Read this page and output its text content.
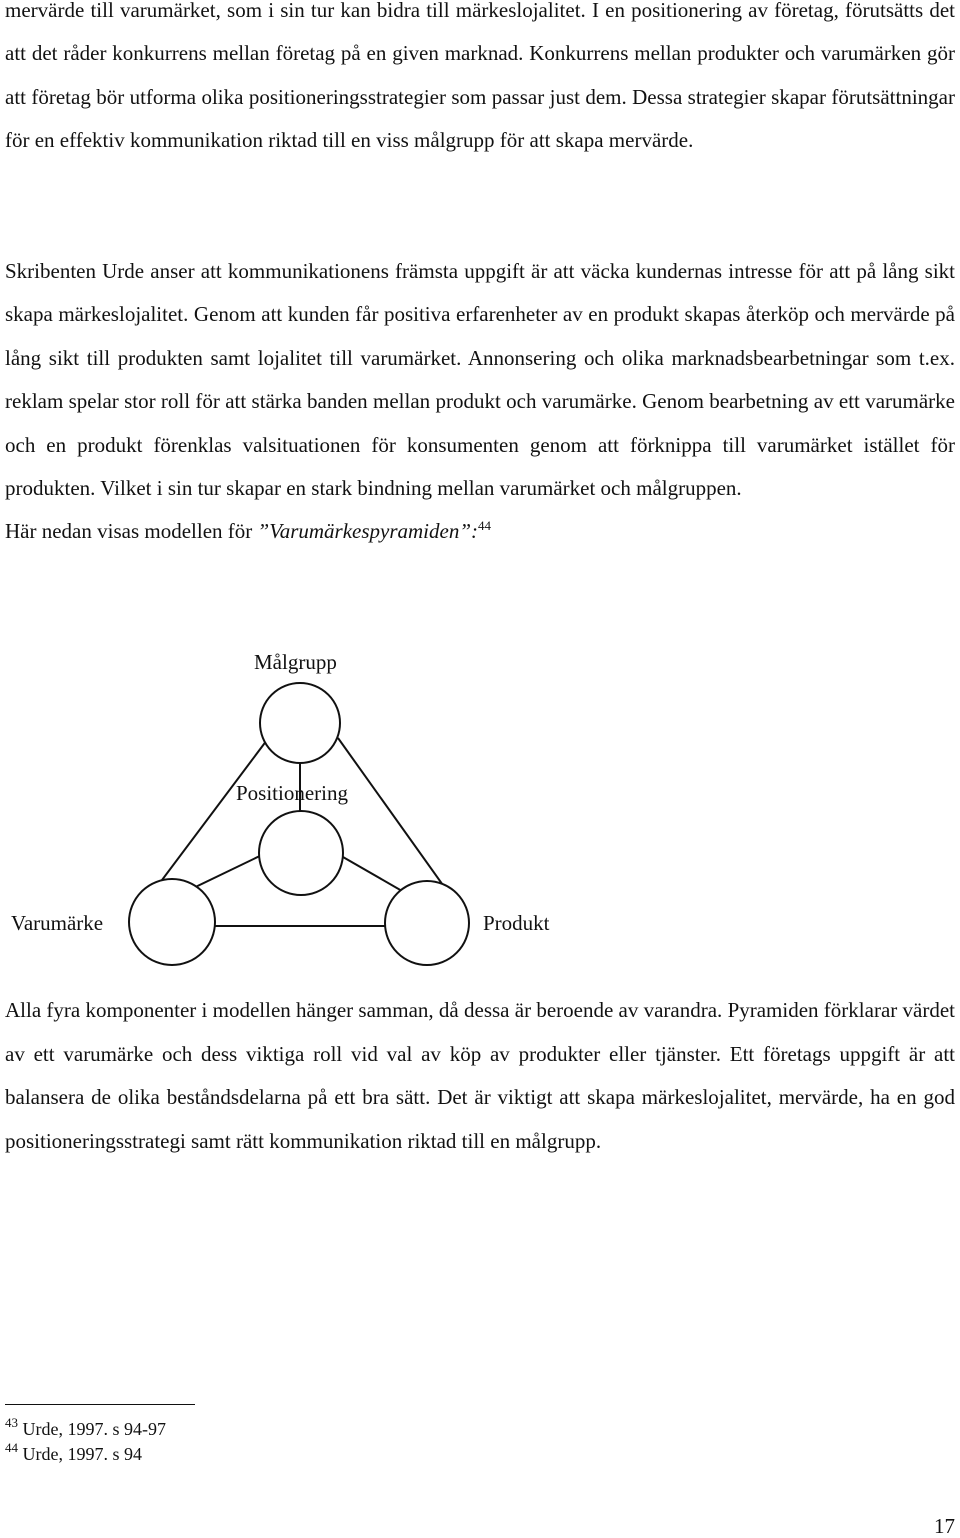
mervärde till varumärket, som i sin tur kan bidra till märkeslojalitet. I en positionering av företag, förutsätts det att det råder konkurrens mellan företag på en given marknad. Konkurrens mellan produkter och varumärken gör att företag bör utforma olika positioneringsstrategier som passar just dem. Dessa strategier skapar förutsättningar för en effektiv kommunikation riktad till en viss målgrupp för att skapa mervärde.

Skribenten Urde anser att kommunikationens främsta uppgift är att väcka kundernas intresse för att på lång sikt skapa märkeslojalitet. Genom att kunden får positiva erfarenheter av en produkt skapas återköp och mervärde på lång sikt till produkten samt lojalitet till varumärket. Annonsering och olika marknadsbearbetningar som t.ex. reklam spelar stor roll för att stärka banden mellan produkt och varumärke. Genom bearbetning av ett varumärke och en produkt förenklas valsituationen för konsumenten genom att förknippa till varumärket istället för produkten. Vilket i sin tur skapar en stark bindning mellan varumärket och målgruppen.
Här nedan visas modellen för ”Varumärkespyramiden”:$^{44}$

Målgrupp
Positionering
Varumärke	Produkt

Alla fyra komponenter i modellen hänger samman, då dessa är beroende av varandra. Pyramiden förklarar värdet av ett varumärke och dess viktiga roll vid val av köp av produkter eller tjänster. Ett företags uppgift är att balansera de olika beståndsdelarna på ett bra sätt. Det är viktigt att skapa märkeslojalitet, mervärde, ha en god positioneringsstrategi samt rätt kommunikation riktad till en målgrupp.

$^{43}$ Urde, 1997. s 94-97

$^{44}$ Urde, 1997. s 94

17
